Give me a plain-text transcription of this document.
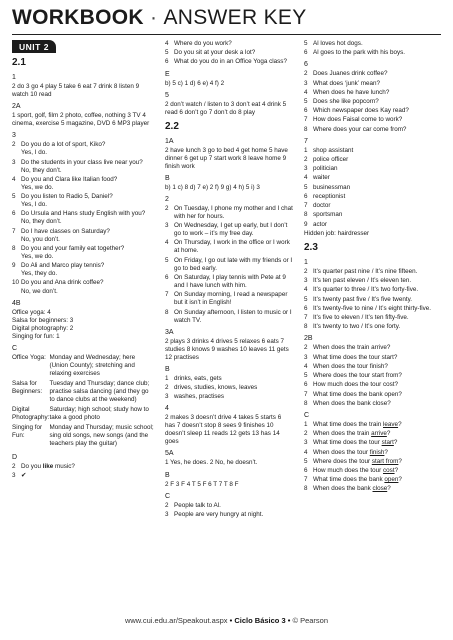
WORKBOOK · ANSWER KEY
UNIT 2
2.1
1

2 do 3 go 4 play 5 take 6 eat 7 drink 8 listen 9 watch 10 read

2A

1 sport, golf, film 2 photo, coffee, nothing 3 TV 4 cinema, exercise 5 magazine, DVD 6 MP3 player

3
2 Do you do a lot of sport, Kiko?
Yes, I do.
3 Do the students in your class live near you?
No, they don’t.
4 Do you and Clara like Italian food?
Yes, we do.
5 Do you listen to Radio 5, Daniel?
Yes, I do.
6 Do Ursula and Hans study English with you?
No, they don’t.
7 Do I have classes on Saturday?
No, you don’t.
8 Do you and your family eat together?
Yes, we do.
9 Do Ali and Marco play tennis?
Yes, they do.
10 Do you and Ana drink coffee?
No, we don’t.
4B

Office yoga: 4

Salsa for beginners: 3

Digital photography: 2

Singing for fun: 1

C
Office Yoga:	Monday and Wednesday; here (Union County); stretching and relaxing exercises
Salsa for Beginners:	Tuesday and Thursday; dance club; practise salsa dancing (and they go to dance clubs at the weekend)
Digital Photography:	Saturday; high school; study how to take a good photo
Singing for Fun:	Monday and Thursday; music school; sing old songs, new songs (and the teachers play the guitar)
D
2 Do you like music?
3 ✔
4 Where do you work?
5 Do you sit at your desk a lot?
6 What do you do in an Office Yoga class?
E

b) 5 c) 1 d) 6 e) 4 f) 2

5

2 don’t watch / listen to 3 don’t eat 4 drink 5 read 6 don’t go 7 don’t do 8 play

2.2
1A

2 have lunch 3 go to bed 4 get home 5 have dinner 6 get up 7 start work 8 leave home 9 finish work

B

b) 1 c) 8 d) 7 e) 2 f) 9 g) 4 h) 5 i) 3

2
2 On Tuesday, I phone my mother and I chat with her for hours.
3 On Wednesday, I get up early, but I don’t go to work – it’s my free day.
4 On Thursday, I work in the office or I work at home.
5 On Friday, I go out late with my friends or I go to bed early.
6 On Saturday, I play tennis with Pete at 9 and I have lunch with him.
7 On Sunday morning, I read a newspaper but it isn’t in English!
8 On Sunday afternoon, I listen to music or I watch TV.
3A

2 plays 3 drinks 4 drives 5 relaxes 6 eats 7 studies 8 knows 9 washes 10 leaves 11 gets 12 practises

B
1 drinks, eats, gets
2 drives, studies, knows, leaves
3 washes, practises
4

2 makes 3 doesn’t drive 4 takes 5 starts 6 has 7 doesn’t stop 8 sees 9 finishes 10 doesn’t sleep 11 reads 12 gets 13 has 14 goes

5A

1 Yes, he does. 2 No, he doesn’t.

B

2 F 3 F 4 T 5 F 6 T 7 T 8 F

C
2 People talk to Al.
3 People are very hungry at night.
5 Al loves hot dogs.
6 Al goes to the park with his boys.
6
2 Does Juanes drink coffee?
3 What does ‘junk’ mean?
4 When does he have lunch?
5 Does she like popcorn?
6 Which newspaper does Kay read?
7 How does Faisal come to work?
8 Where does your car come from?
7
1 shop assistant
2 police officer
3 politician
4 waiter
5 businessman
6 receptionist
7 doctor
8 sportsman
9 actor

Hidden job: hairdresser

2.3
1
2 It’s quarter past nine / It’s nine fifteen.
3 It’s ten past eleven / It’s eleven ten.
4 It’s quarter to three / It’s two forty-five.
5 It’s twenty past five / It’s five twenty.
6 It’s twenty-five to nine / It’s eight thirty-five.
7 It’s five to eleven / It’s ten fifty-five.
8 It’s twenty to two / It’s one forty.
2B
2 When does the train arrive?
3 What time does the tour start?
4 When does the tour finish?
5 Where does the tour start from?
6 How much does the tour cost?
7 What time does the bank open?
8 When does the bank close?
C
1 What time does the train leave?
2 When does the train arrive?
3 What time does the tour start?
4 When does the tour finish?
5 Where does the tour start from?
6 How much does the tour cost?
7 What time does the bank open?
8 When does the bank close?
www.cui.edu.ar/Speakout.aspx • Ciclo Básico 3 • © Pearson
